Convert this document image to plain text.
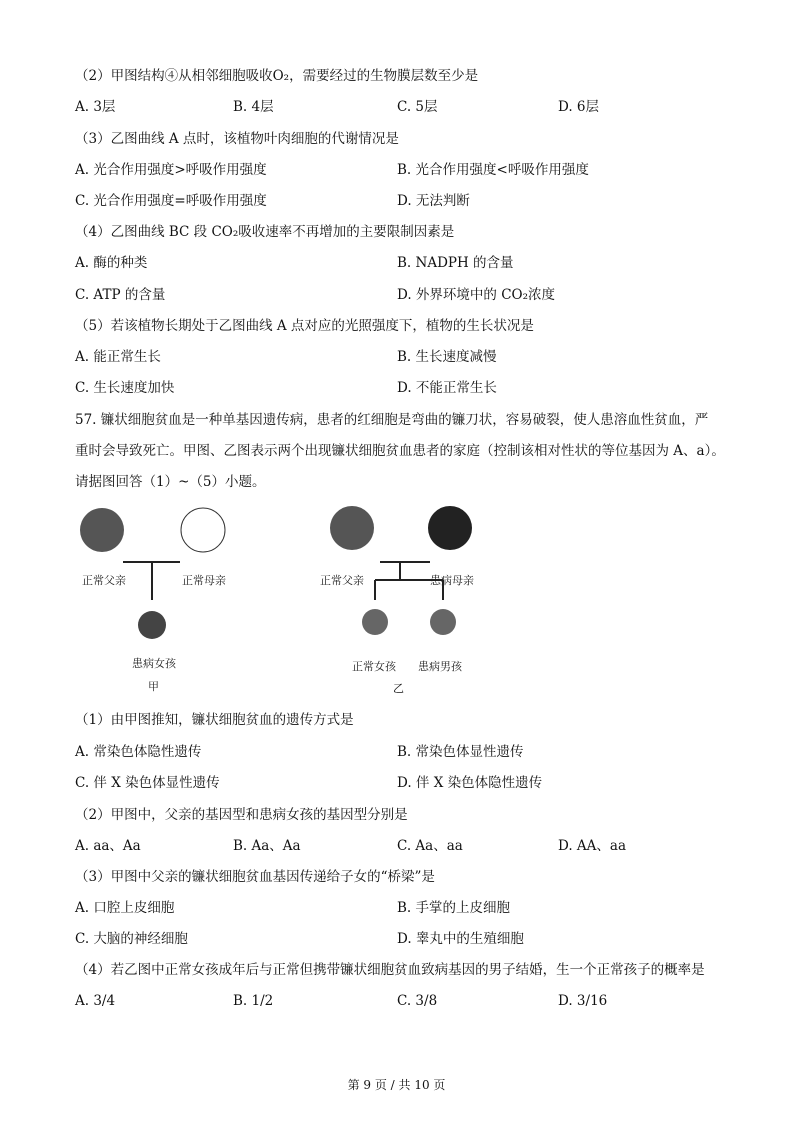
（2）甲图结构④从相邻细胞吸收O₂，需要经过的生物膜层数至少是
A. 3层	B. 4层	C. 5层	D. 6层
（3）乙图曲线 A 点时，该植物叶肉细胞的代谢情况是
A. 光合作用强度>呼吸作用强度	B. 光合作用强度<呼吸作用强度
C. 光合作用强度=呼吸作用强度	D. 无法判断
（4）乙图曲线 BC 段 CO₂吸收速率不再增加的主要限制因素是
A. 酶的种类	B. NADPH 的含量
C. ATP 的含量	D. 外界环境中的 CO₂浓度
（5）若该植物长期处于乙图曲线 A 点对应的光照强度下，植物的生长状况是
A. 能正常生长	B. 生长速度减慢
C. 生长速度加快	D. 不能正常生长
57. 镰状细胞贫血是一种单基因遗传病，患者的红细胞是弯曲的镰刀状，容易破裂，使人患溶血性贫血，严
重时会导致死亡。甲图、乙图表示两个出现镰状细胞贫血患者的家庭（控制该相对性状的等位基因为 A、a）。
请据图回答（1）~（5）小题。
正常父亲	正常母亲
患病女孩
甲
正常父亲
正常女孩
患病母亲
患病男孩
乙
（1）由甲图推知，镰状细胞贫血的遗传方式是
A. 常染色体隐性遗传	B. 常染色体显性遗传
C. 伴 X 染色体显性遗传	D. 伴 X 染色体隐性遗传
（2）甲图中，父亲的基因型和患病女孩的基因型分别是
A. aa、Aa	B. Aa、Aa	C. Aa、aa	D. AA、aa
（3）甲图中父亲的镰状细胞贫血基因传递给子女的“桥梁”是
A. 口腔上皮细胞	B. 手掌的上皮细胞
C. 大脑的神经细胞	D. 睾丸中的生殖细胞
（4）若乙图中正常女孩成年后与正常但携带镰状细胞贫血致病基因的男子结婚，生一个正常孩子的概率是
A. 3/4	B. 1/2	C. 3/8	D. 3/16
第 9 页 / 共 10 页
